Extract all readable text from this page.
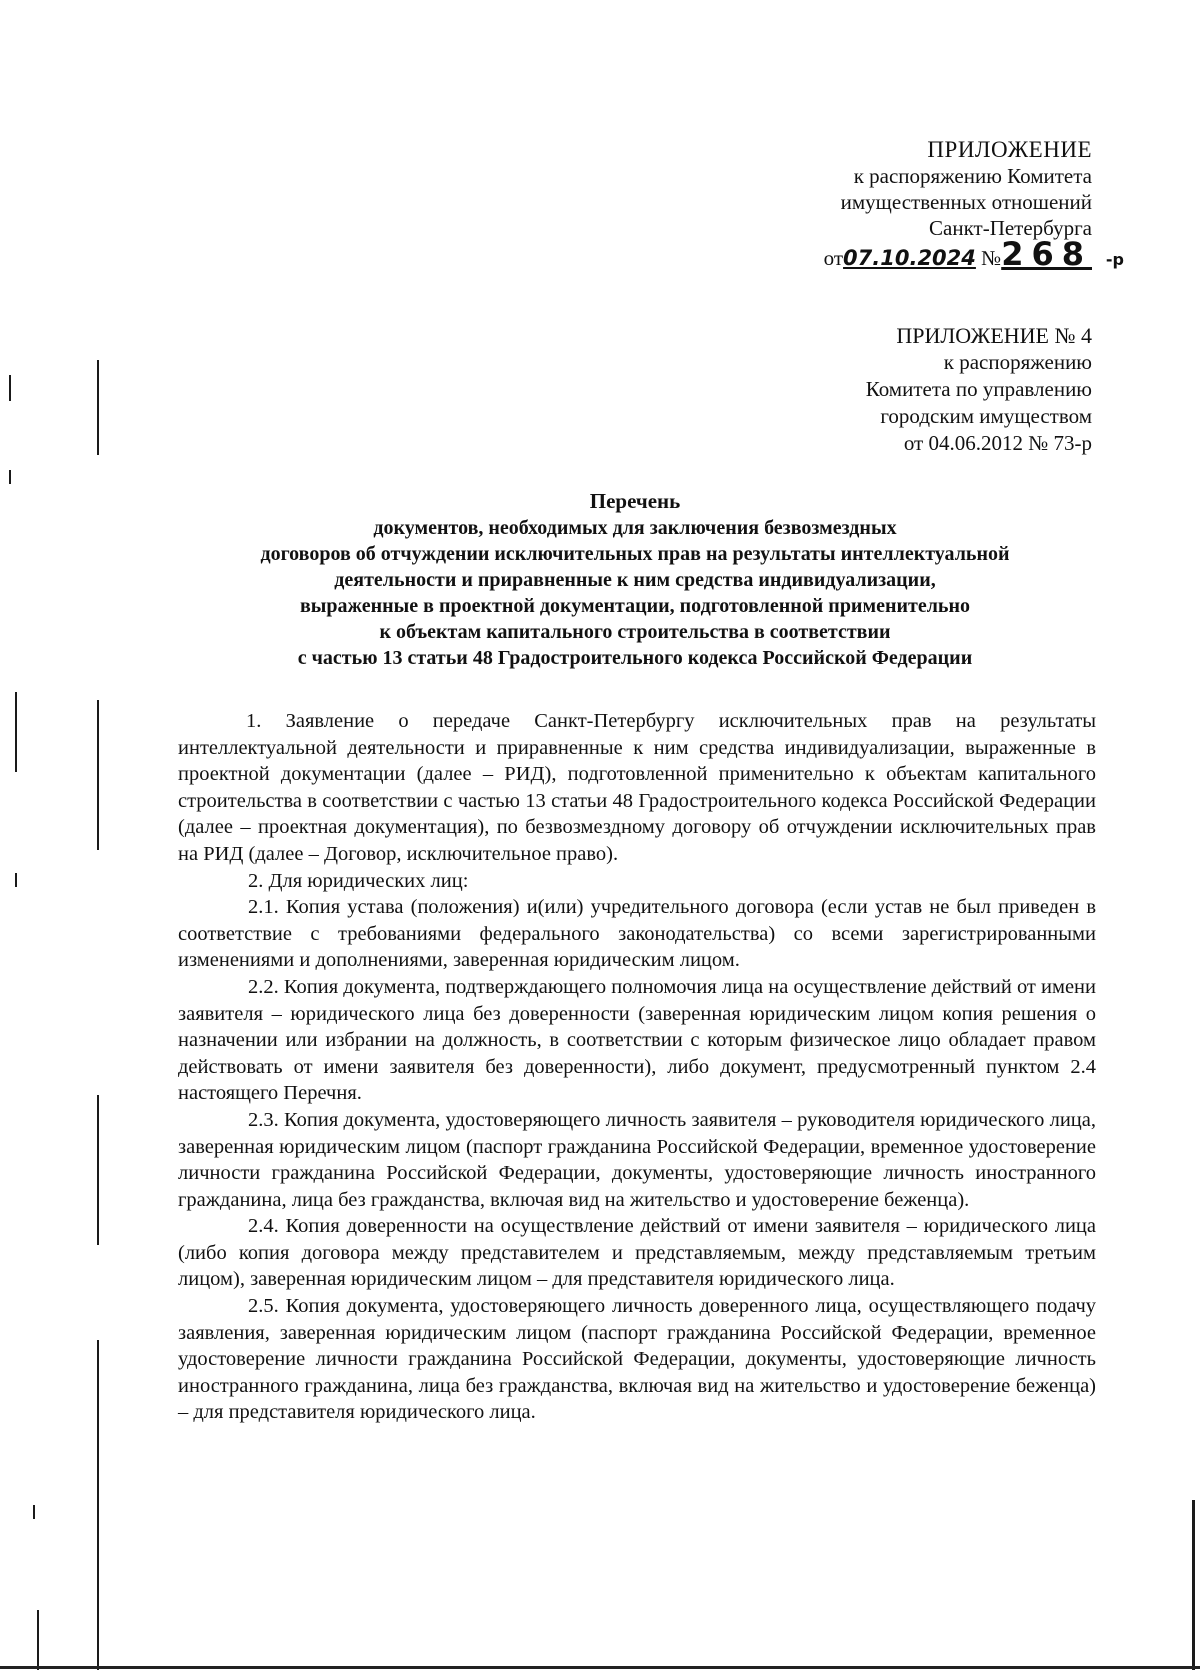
ПРИЛОЖЕНИЕ
к распоряжению Комитета
имущественных отношений
Санкт-Петербурга
от07.10.2024 №268 -р
ПРИЛОЖЕНИЕ № 4
к распоряжению
Комитета по управлению
городским имуществом
от 04.06.2012 № 73-р
Перечень
документов, необходимых для заключения безвозмездных
договоров об отчуждении исключительных прав на результаты интеллектуальной
деятельности и приравненные к ним средства индивидуализации,
выраженные в проектной документации, подготовленной применительно
к объектам капитального строительства в соответствии
с частью 13 статьи 48 Градостроительного кодекса Российской Федерации

1. Заявление о передаче Санкт-Петербургу исключительных прав на результаты интеллектуальной деятельности и приравненные к ним средства индивидуализации, выраженные в проектной документации (далее – РИД), подготовленной применительно к объектам капитального строительства в соответствии с частью 13 статьи 48 Градостроительного кодекса Российской Федерации (далее – проектная документация), по безвозмездному договору об отчуждении исключительных прав на РИД (далее – Договор, исключительное право).

2. Для юридических лиц:

2.1. Копия устава (положения) и(или) учредительного договора (если устав не был приведен в соответствие с требованиями федерального законодательства) со всеми зарегистрированными изменениями и дополнениями, заверенная юридическим лицом.

2.2. Копия документа, подтверждающего полномочия лица на осуществление действий от имени заявителя – юридического лица без доверенности (заверенная юридическим лицом копия решения о назначении или избрании на должность, в соответствии с которым физическое лицо обладает правом действовать от имени заявителя без доверенности), либо документ, предусмотренный пунктом 2.4 настоящего Перечня.

2.3. Копия документа, удостоверяющего личность заявителя – руководителя юридического лица, заверенная юридическим лицом (паспорт гражданина Российской Федерации, временное удостоверение личности гражданина Российской Федерации, документы, удостоверяющие личность иностранного гражданина, лица без гражданства, включая вид на жительство и удостоверение беженца).

2.4. Копия доверенности на осуществление действий от имени заявителя – юридического лица (либо копия договора между представителем и представляемым, между представляемым третьим лицом), заверенная юридическим лицом – для представителя юридического лица.

2.5. Копия документа, удостоверяющего личность доверенного лица, осуществляющего подачу заявления, заверенная юридическим лицом (паспорт гражданина Российской Федерации, временное удостоверение личности гражданина Российской Федерации, документы, удостоверяющие личность иностранного гражданина, лица без гражданства, включая вид на жительство и удостоверение беженца) – для представителя юридического лица.
